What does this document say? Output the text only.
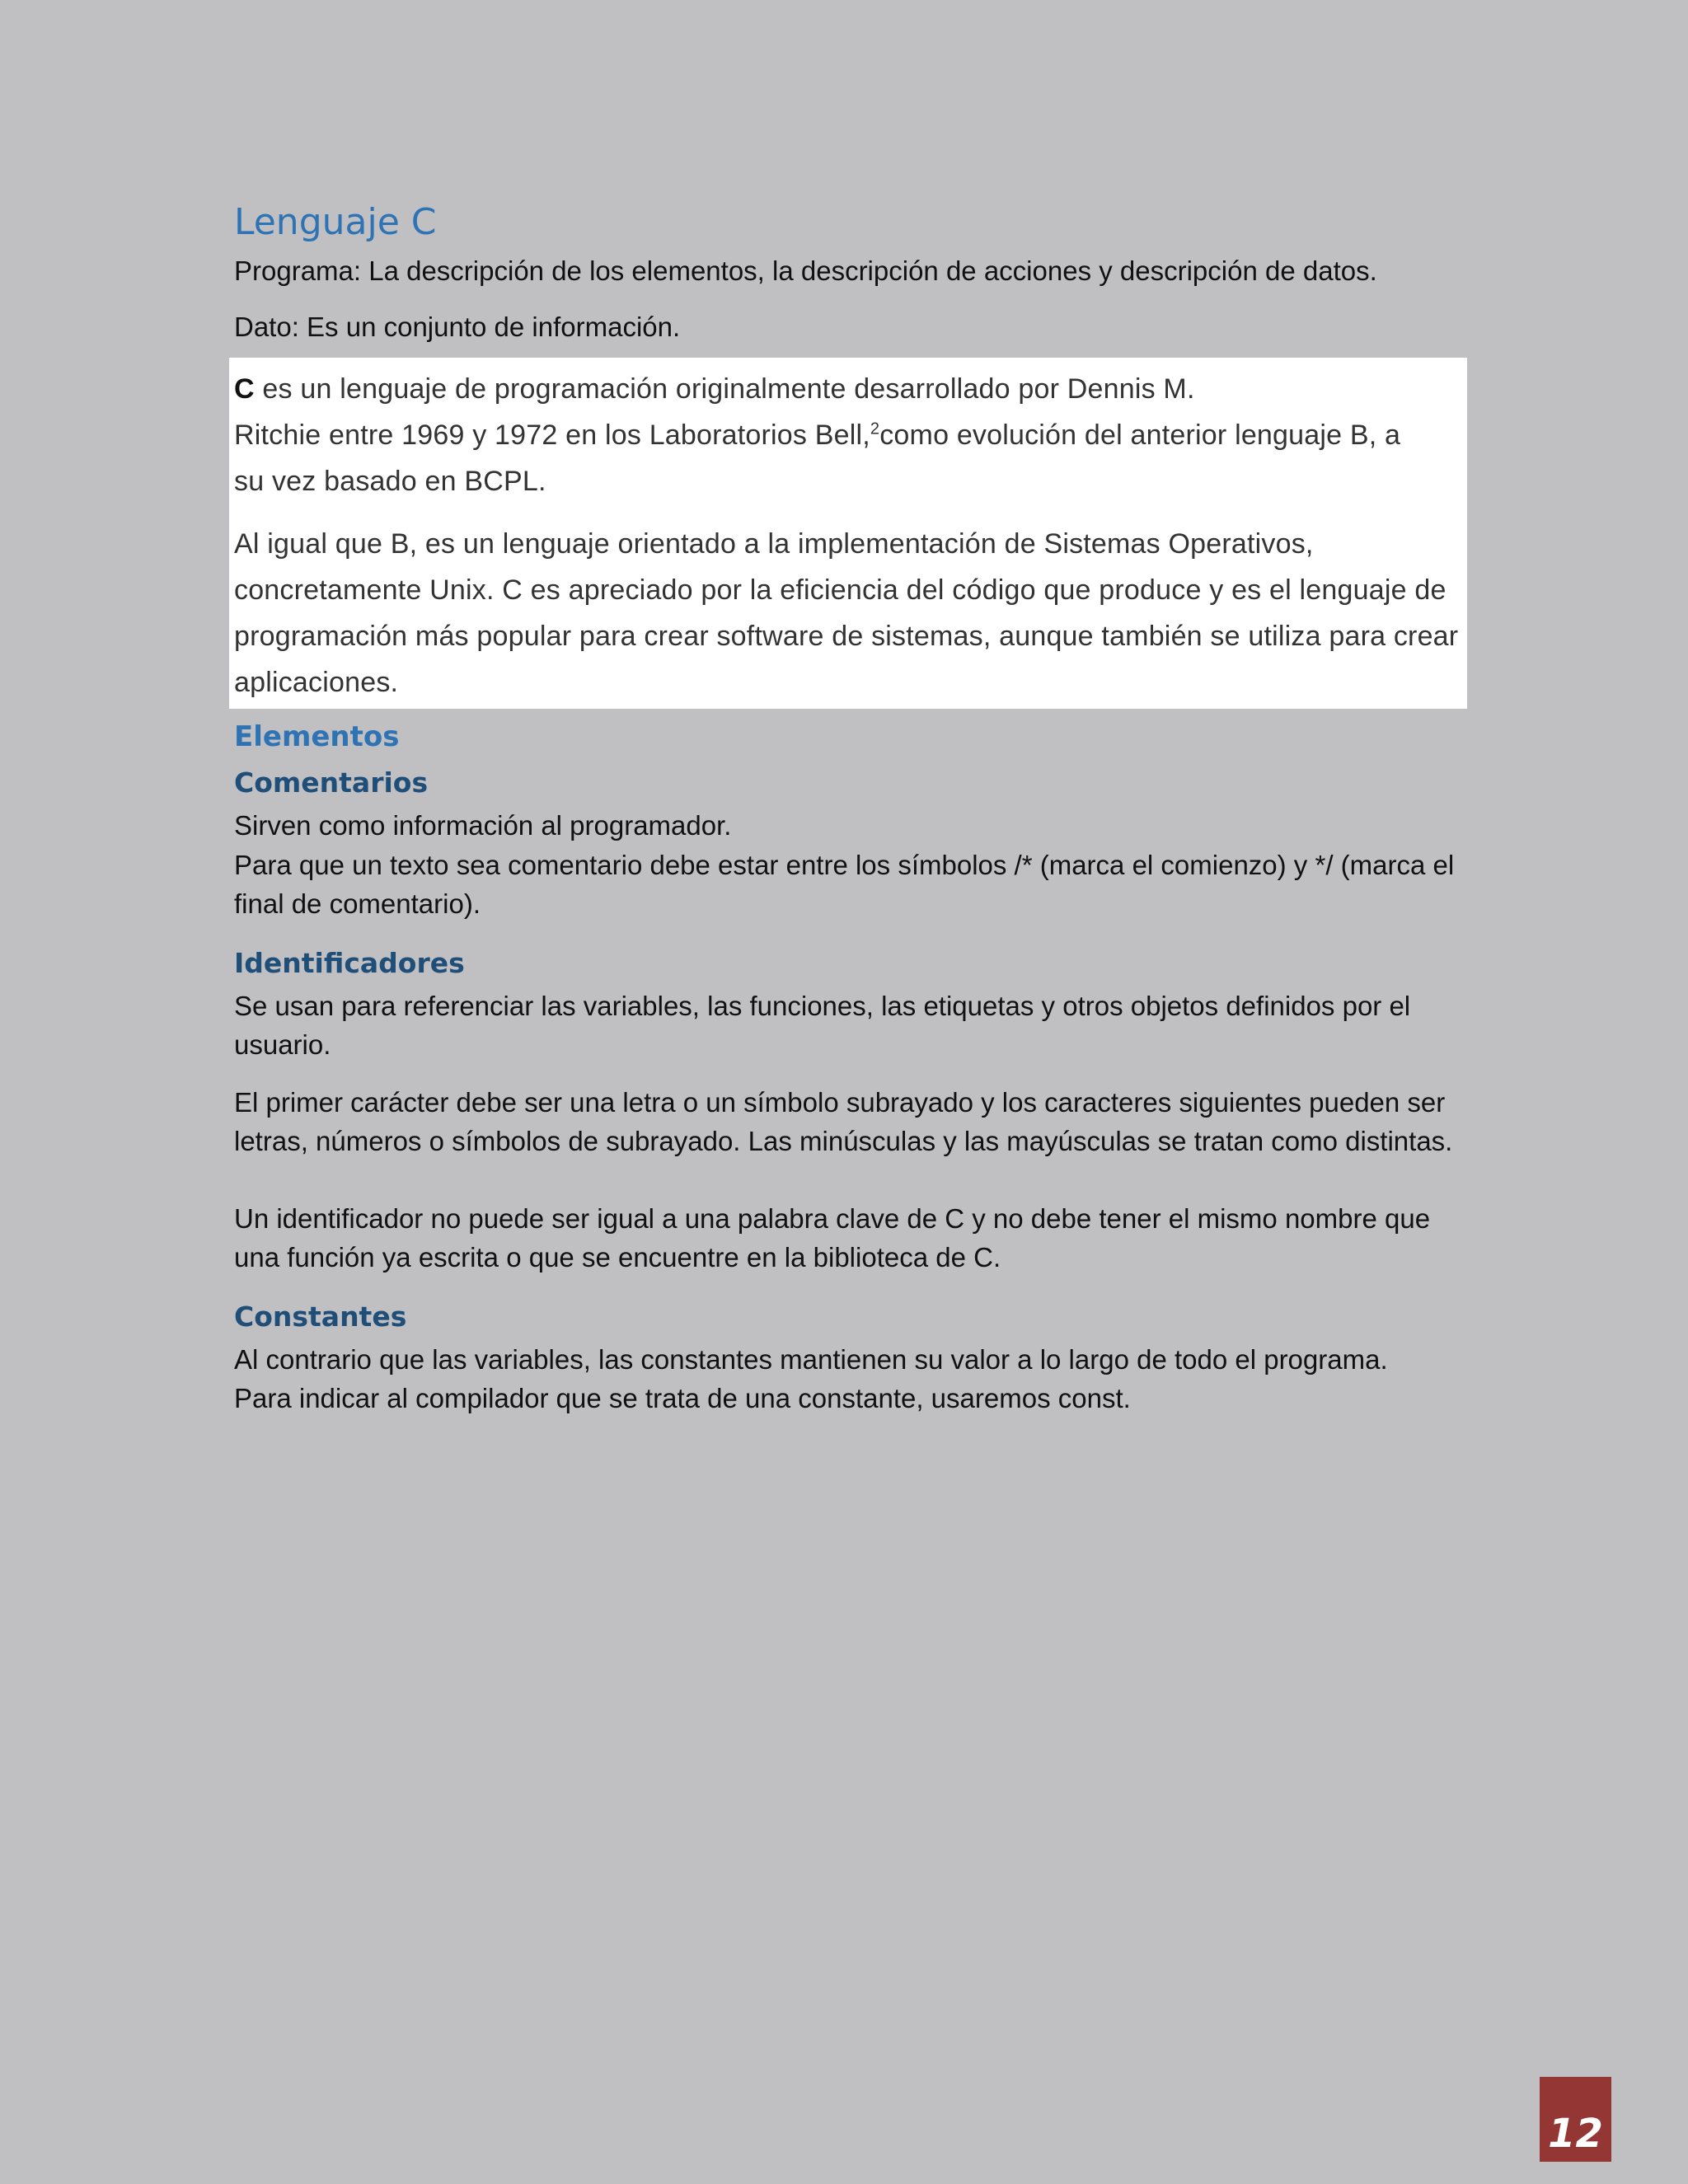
Lenguaje C

Programa: La descripción de los elementos, la descripción de acciones y descripción de datos.

Dato: Es un conjunto de información.

C es un lenguaje de programación originalmente desarrollado por Dennis M.
Ritchie entre 1969 y 1972 en los Laboratorios Bell,$^2$como evolución del anterior lenguaje B, a
su vez basado en BCPL.

Al igual que B, es un lenguaje orientado a la implementación de Sistemas Operativos, concretamente Unix. C es apreciado por la eficiencia del código que produce y es el lenguaje de programación más popular para crear software de sistemas, aunque también se utiliza para crear aplicaciones.

Elementos
Comentarios

Sirven como información al programador.

Para que un texto sea comentario debe estar entre los símbolos /* (marca el comienzo) y */ (marca el final de comentario).

Identificadores

Se usan para referenciar las variables, las funciones, las etiquetas y otros objetos definidos por el usuario.

El primer carácter debe ser una letra o un símbolo subrayado y los caracteres siguientes pueden ser letras, números o símbolos de subrayado. Las minúsculas y las mayúsculas se tratan como distintas.

Un identificador no puede ser igual a una palabra clave de C y no debe tener el mismo nombre que una función ya escrita o que se encuentre en la biblioteca de C.

Constantes

Al contrario que las variables, las constantes mantienen su valor a lo largo de todo el programa.

Para indicar al compilador que se trata de una constante, usaremos const.

12
